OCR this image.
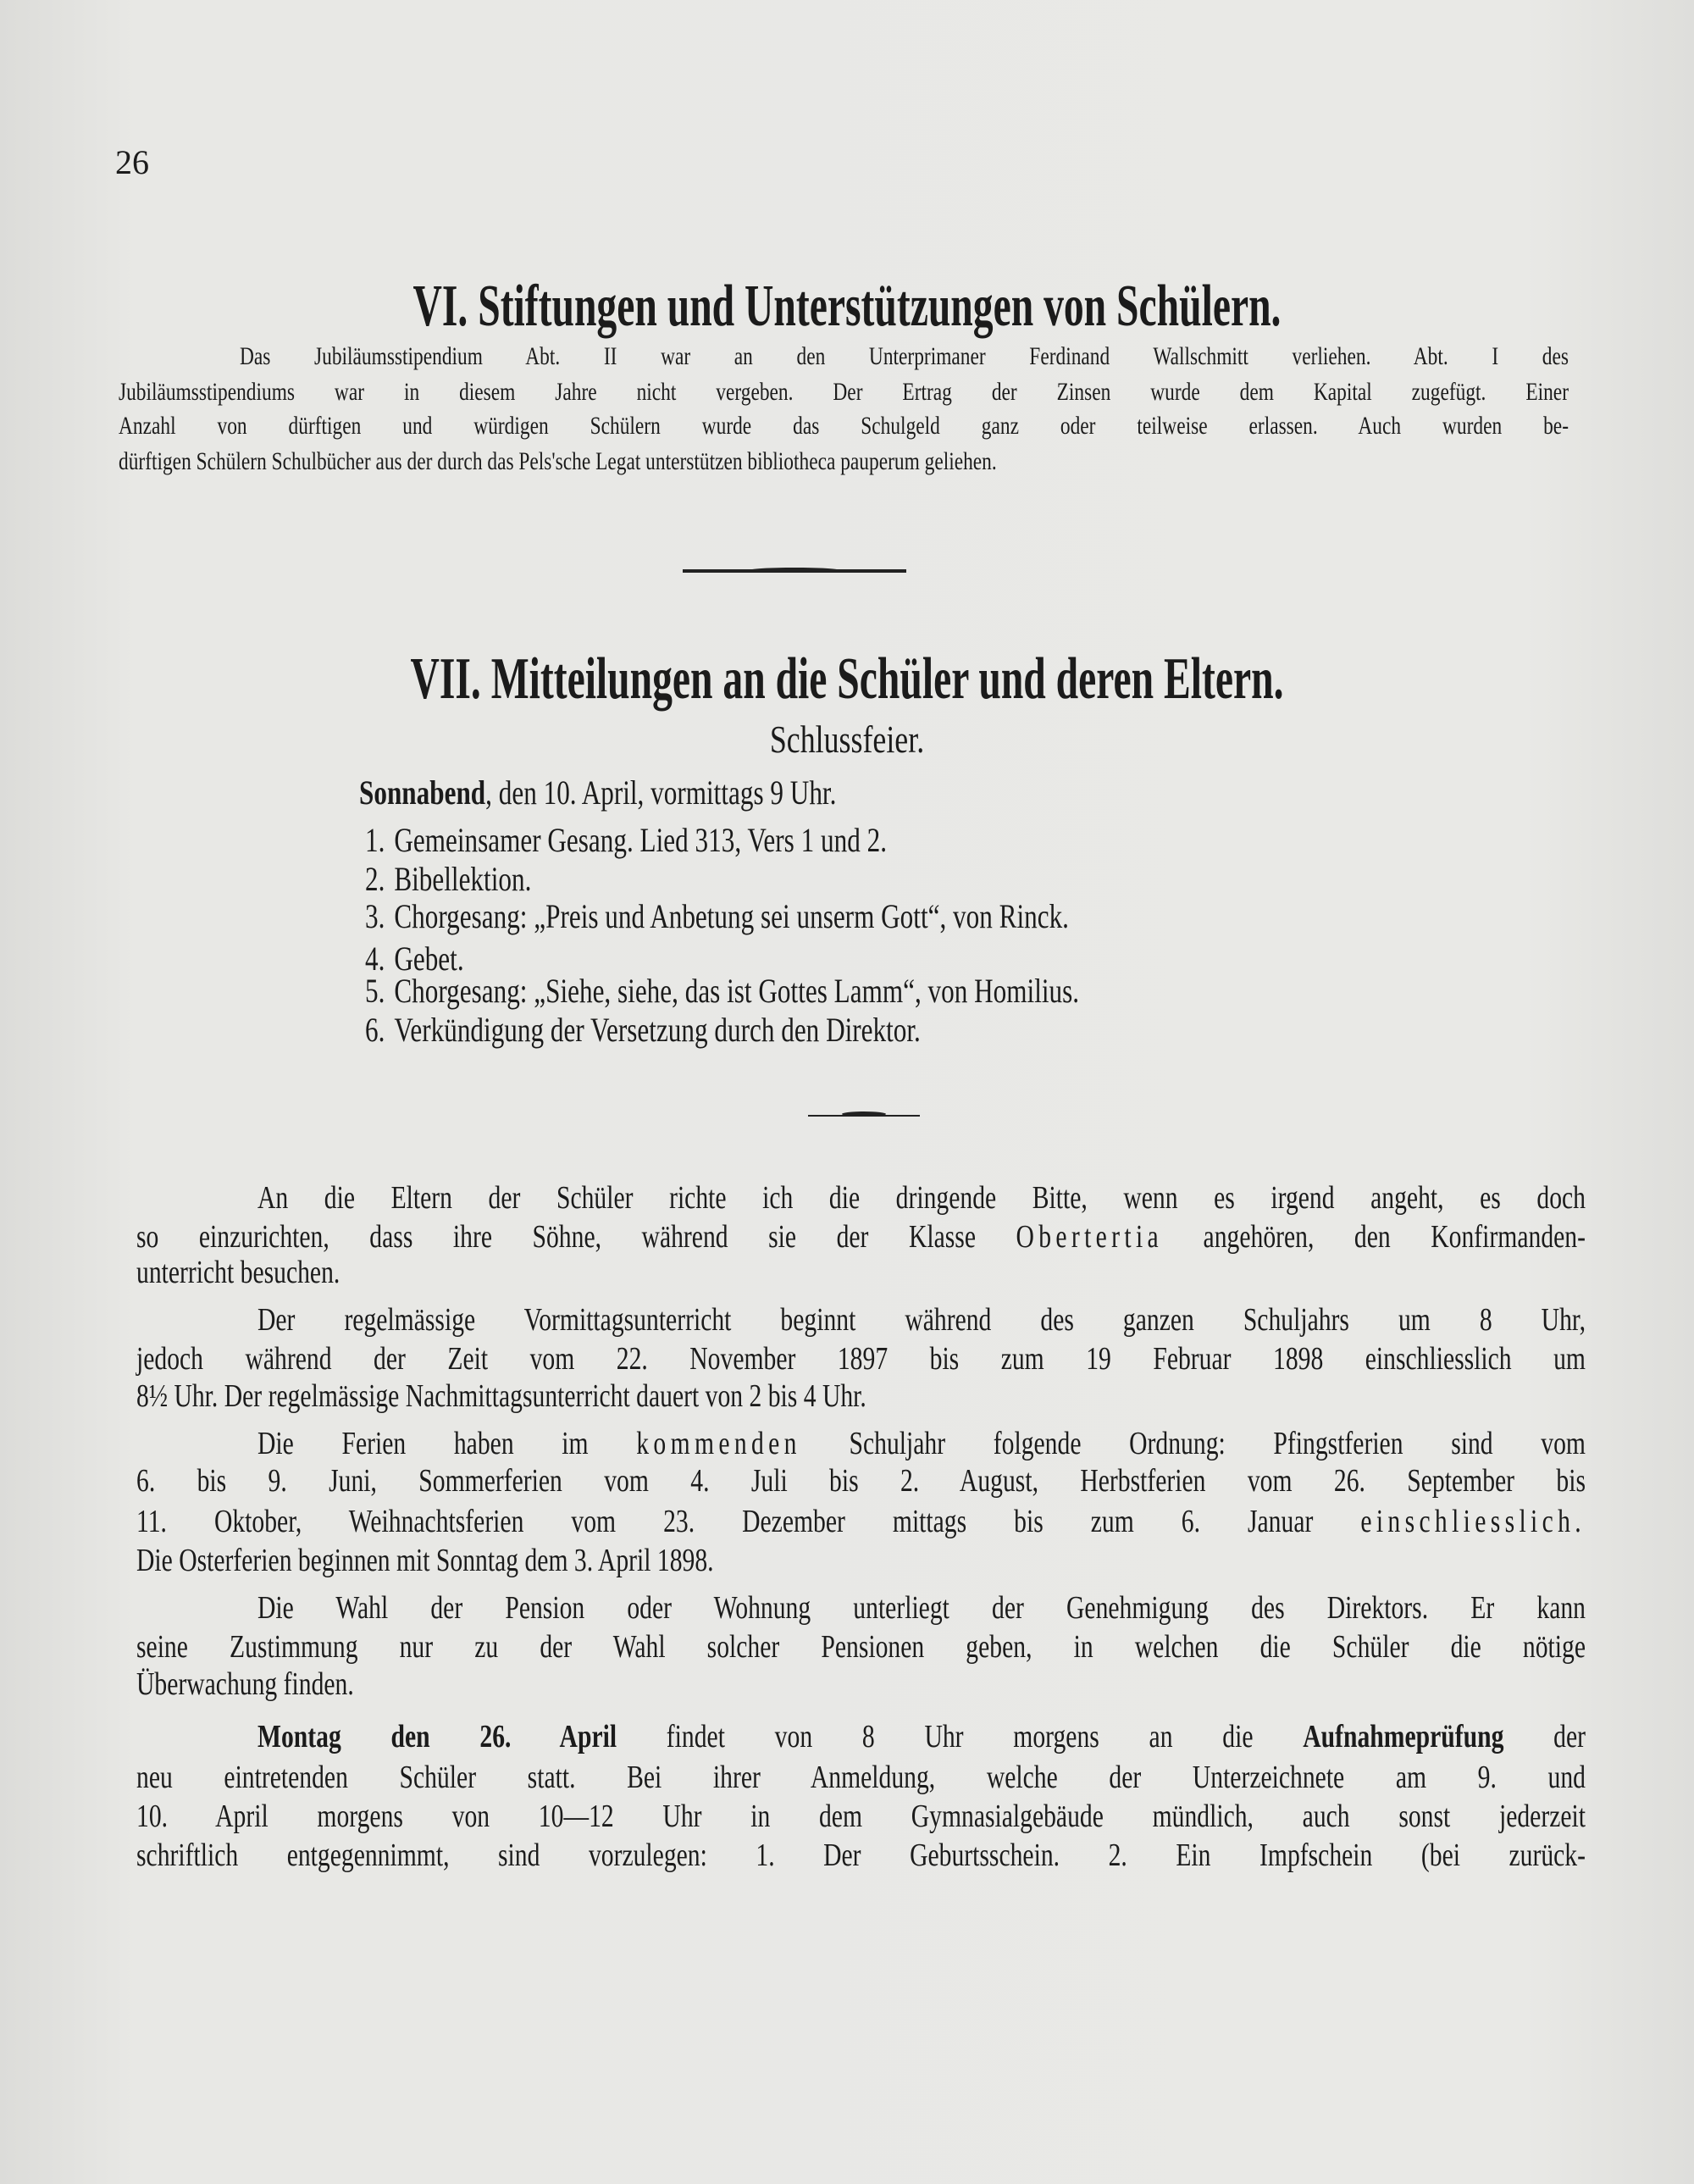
26
VI. Stiftungen und Unterstützungen von Schülern.
Das Jubiläumsstipendium Abt. II war an den Unterprimaner Ferdinand Wallschmitt verliehen. Abt. I des
Jubiläumsstipendiums war in diesem Jahre nicht vergeben. Der Ertrag der Zinsen wurde dem Kapital zugefügt. Einer
Anzahl von dürftigen und würdigen Schülern wurde das Schulgeld ganz oder teilweise erlassen. Auch wurden be-
dürftigen Schülern Schulbücher aus der durch das Pels'sche Legat unterstützen bibliotheca pauperum geliehen.
VII. Mitteilungen an die Schüler und deren Eltern.
Schlussfeier.
Sonnabend, den 10. April, vormittags 9 Uhr.
1. Gemeinsamer Gesang. Lied 313, Vers 1 und 2.
2. Bibellektion.
3. Chorgesang: „Preis und Anbetung sei unserm Gott“, von Rinck.
4. Gebet.
5. Chorgesang: „Siehe, siehe, das ist Gottes Lamm“, von Homilius.
6. Verkündigung der Versetzung durch den Direktor.
An die Eltern der Schüler richte ich die dringende Bitte, wenn es irgend angeht, es doch
so einzurichten, dass ihre Söhne, während sie der Klasse Obertertia angehören, den Konfirmanden-
unterricht besuchen.
Der regelmässige Vormittagsunterricht beginnt während des ganzen Schuljahrs um 8 Uhr,
jedoch während der Zeit vom 22. November 1897 bis zum 19 Februar 1898 einschliesslich um
8½ Uhr. Der regelmässige Nachmittagsunterricht dauert von 2 bis 4 Uhr.
Die Ferien haben im kommenden Schuljahr folgende Ordnung: Pfingstferien sind vom
6. bis 9. Juni, Sommerferien vom 4. Juli bis 2. August, Herbstferien vom 26. September bis
11. Oktober, Weihnachtsferien vom 23. Dezember mittags bis zum 6. Januar einschliesslich.
Die Osterferien beginnen mit Sonntag dem 3. April 1898.
Die Wahl der Pension oder Wohnung unterliegt der Genehmigung des Direktors. Er kann
seine Zustimmung nur zu der Wahl solcher Pensionen geben, in welchen die Schüler die nötige
Überwachung finden.
Montag den 26. April findet von 8 Uhr morgens an die Aufnahmeprüfung der
neu eintretenden Schüler statt. Bei ihrer Anmeldung, welche der Unterzeichnete am 9. und
10. April morgens von 10—12 Uhr in dem Gymnasialgebäude mündlich, auch sonst jederzeit
schriftlich entgegennimmt, sind vorzulegen: 1. Der Geburtsschein. 2. Ein Impfschein (bei zurück-
